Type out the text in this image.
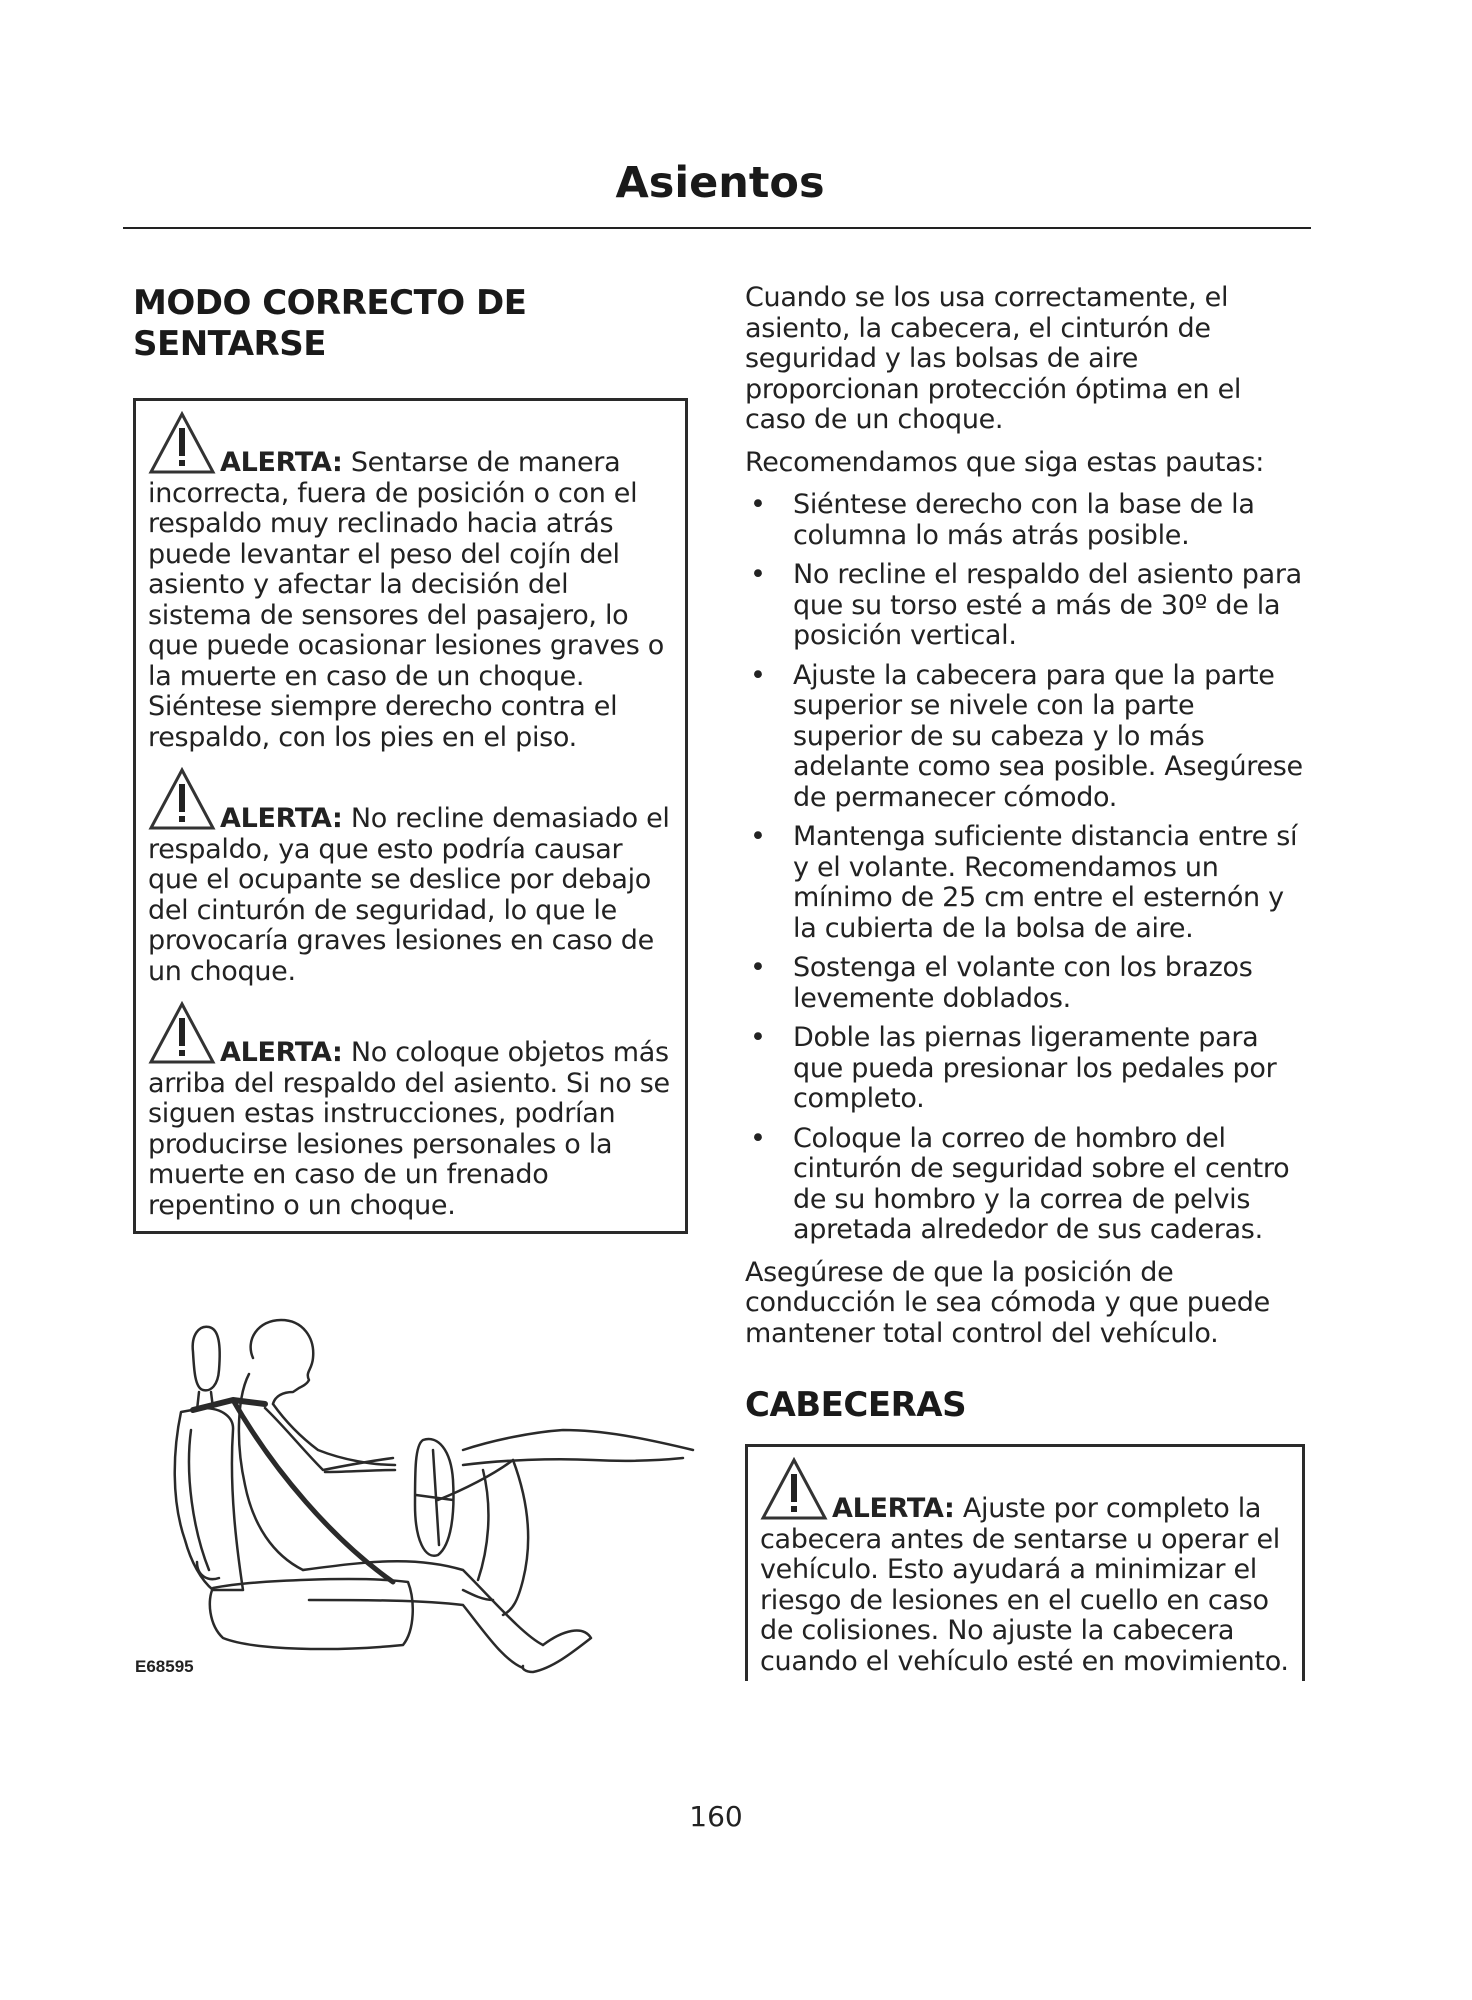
Asientos
MODO CORRECTO DE SENTARSE

ALERTA: Sentarse de manera incorrecta, fuera de posición o con el respaldo muy reclinado hacia atrás puede levantar el peso del cojín del asiento y afectar la decisión del sistema de sensores del pasajero, lo que puede ocasionar lesiones graves o la muerte en caso de un choque. Siéntese siempre derecho contra el respaldo, con los pies en el piso.

ALERTA: No recline demasiado el respaldo, ya que esto podría causar que el ocupante se deslice por debajo del cinturón de seguridad, lo que le provocaría graves lesiones en caso de un choque.

ALERTA: No coloque objetos más arriba del respaldo del asiento. Si no se siguen estas instrucciones, podrían producirse lesiones personales o la muerte en caso de un frenado repentino o un choque.

E68595

Cuando se los usa correctamente, el asiento, la cabecera, el cinturón de seguridad y las bolsas de aire proporcionan protección óptima en el caso de un choque.

Recomendamos que siga estas pautas:

• Siéntese derecho con la base de la columna lo más atrás posible.
• No recline el respaldo del asiento para que su torso esté a más de 30º de la posición vertical.
• Ajuste la cabecera para que la parte superior se nivele con la parte superior de su cabeza y lo más adelante como sea posible. Asegúrese de permanecer cómodo.
• Mantenga suficiente distancia entre sí y el volante. Recomendamos un mínimo de 25 cm entre el esternón y la cubierta de la bolsa de aire.
• Sostenga el volante con los brazos levemente doblados.
• Doble las piernas ligeramente para que pueda presionar los pedales por completo.
• Coloque la correo de hombro del cinturón de seguridad sobre el centro de su hombro y la correa de pelvis apretada alrededor de sus caderas.

Asegúrese de que la posición de conducción le sea cómoda y que puede mantener total control del vehículo.

CABECERAS

ALERTA: Ajuste por completo la cabecera antes de sentarse u operar el vehículo. Esto ayudará a minimizar el riesgo de lesiones en el cuello en caso de colisiones. No ajuste la cabecera cuando el vehículo esté en movimiento.

160
